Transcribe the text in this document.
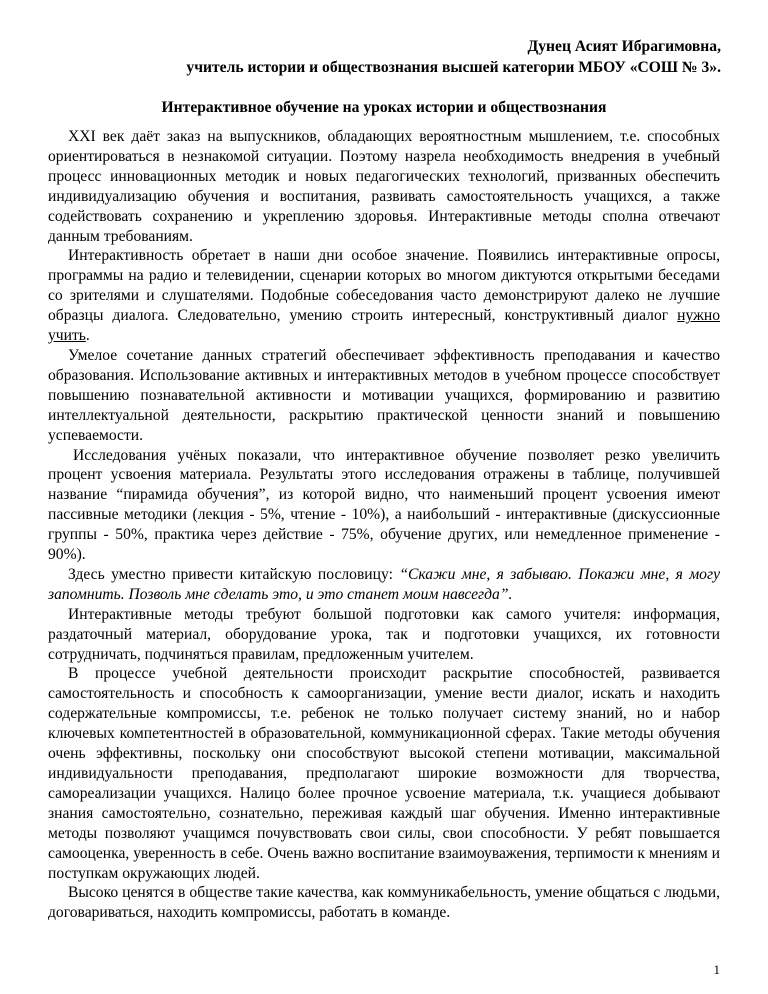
Дунец Асият Ибрагимовна,
учитель истории и обществознания высшей категории МБОУ «СОШ № 3».
Интерактивное обучение на уроках истории и обществознания

XXI век даёт заказ на выпускников, обладающих вероятностным мышлением, т.е. способных ориентироваться в незнакомой ситуации. Поэтому назрела необходимость внедрения в учебный процесс инновационных методик и новых педагогических технологий, призванных обеспечить индивидуализацию обучения и воспитания, развивать самостоятельность учащихся, а также содействовать сохранению и укреплению здоровья. Интерактивные методы сполна отвечают данным требованиям.

Интерактивность обретает в наши дни особое значение. Появились интерактивные опросы, программы на радио и телевидении, сценарии которых во многом диктуются открытыми беседами со зрителями и слушателями. Подобные собеседования часто демонстрируют далеко не лучшие образцы диалога. Следовательно, умению строить интересный, конструктивный диалог нужно учить.

Умелое сочетание данных стратегий обеспечивает эффективность преподавания и качество образования. Использование активных и интерактивных методов в учебном процессе способствует повышению познавательной активности и мотивации учащихся, формированию и развитию интеллектуальной деятельности, раскрытию практической ценности знаний и повышению успеваемости.

Исследования учёных показали, что интерактивное обучение позволяет резко увеличить процент усвоения материала. Результаты этого исследования отражены в таблице, получившей название “пирамида обучения”, из которой видно, что наименьший процент усвоения имеют пассивные методики (лекция - 5%, чтение - 10%), а наибольший - интерактивные (дискуссионные группы - 50%, практика через действие - 75%, обучение других, или немедленное применение - 90%).

Здесь уместно привести китайскую пословицу: “Скажи мне, я забываю. Покажи мне, я могу запомнить. Позволь мне сделать это, и это станет моим навсегда”.

Интерактивные методы требуют большой подготовки как самого учителя: информация, раздаточный материал, оборудование урока, так и подготовки учащихся, их готовности сотрудничать, подчиняться правилам, предложенным учителем.

В процессе учебной деятельности происходит раскрытие способностей, развивается самостоятельность и способность к самоорганизации, умение вести диалог, искать и находить содержательные компромиссы, т.е. ребенок не только получает систему знаний, но и набор ключевых компетентностей в образовательной, коммуникационной сферах. Такие методы обучения очень эффективны, поскольку они способствуют высокой степени мотивации, максимальной индивидуальности преподавания, предполагают широкие возможности для творчества, самореализации учащихся. Налицо более прочное усвоение материала, т.к. учащиеся добывают знания самостоятельно, сознательно, переживая каждый шаг обучения. Именно интерактивные методы позволяют учащимся почувствовать свои силы, свои способности. У ребят повышается самооценка, уверенность в себе. Очень важно воспитание взаимоуважения, терпимости к мнениям и поступкам окружающих людей.

Высоко ценятся в обществе такие качества, как коммуникабельность, умение общаться с людьми, договариваться, находить компромиссы, работать в команде.

1
